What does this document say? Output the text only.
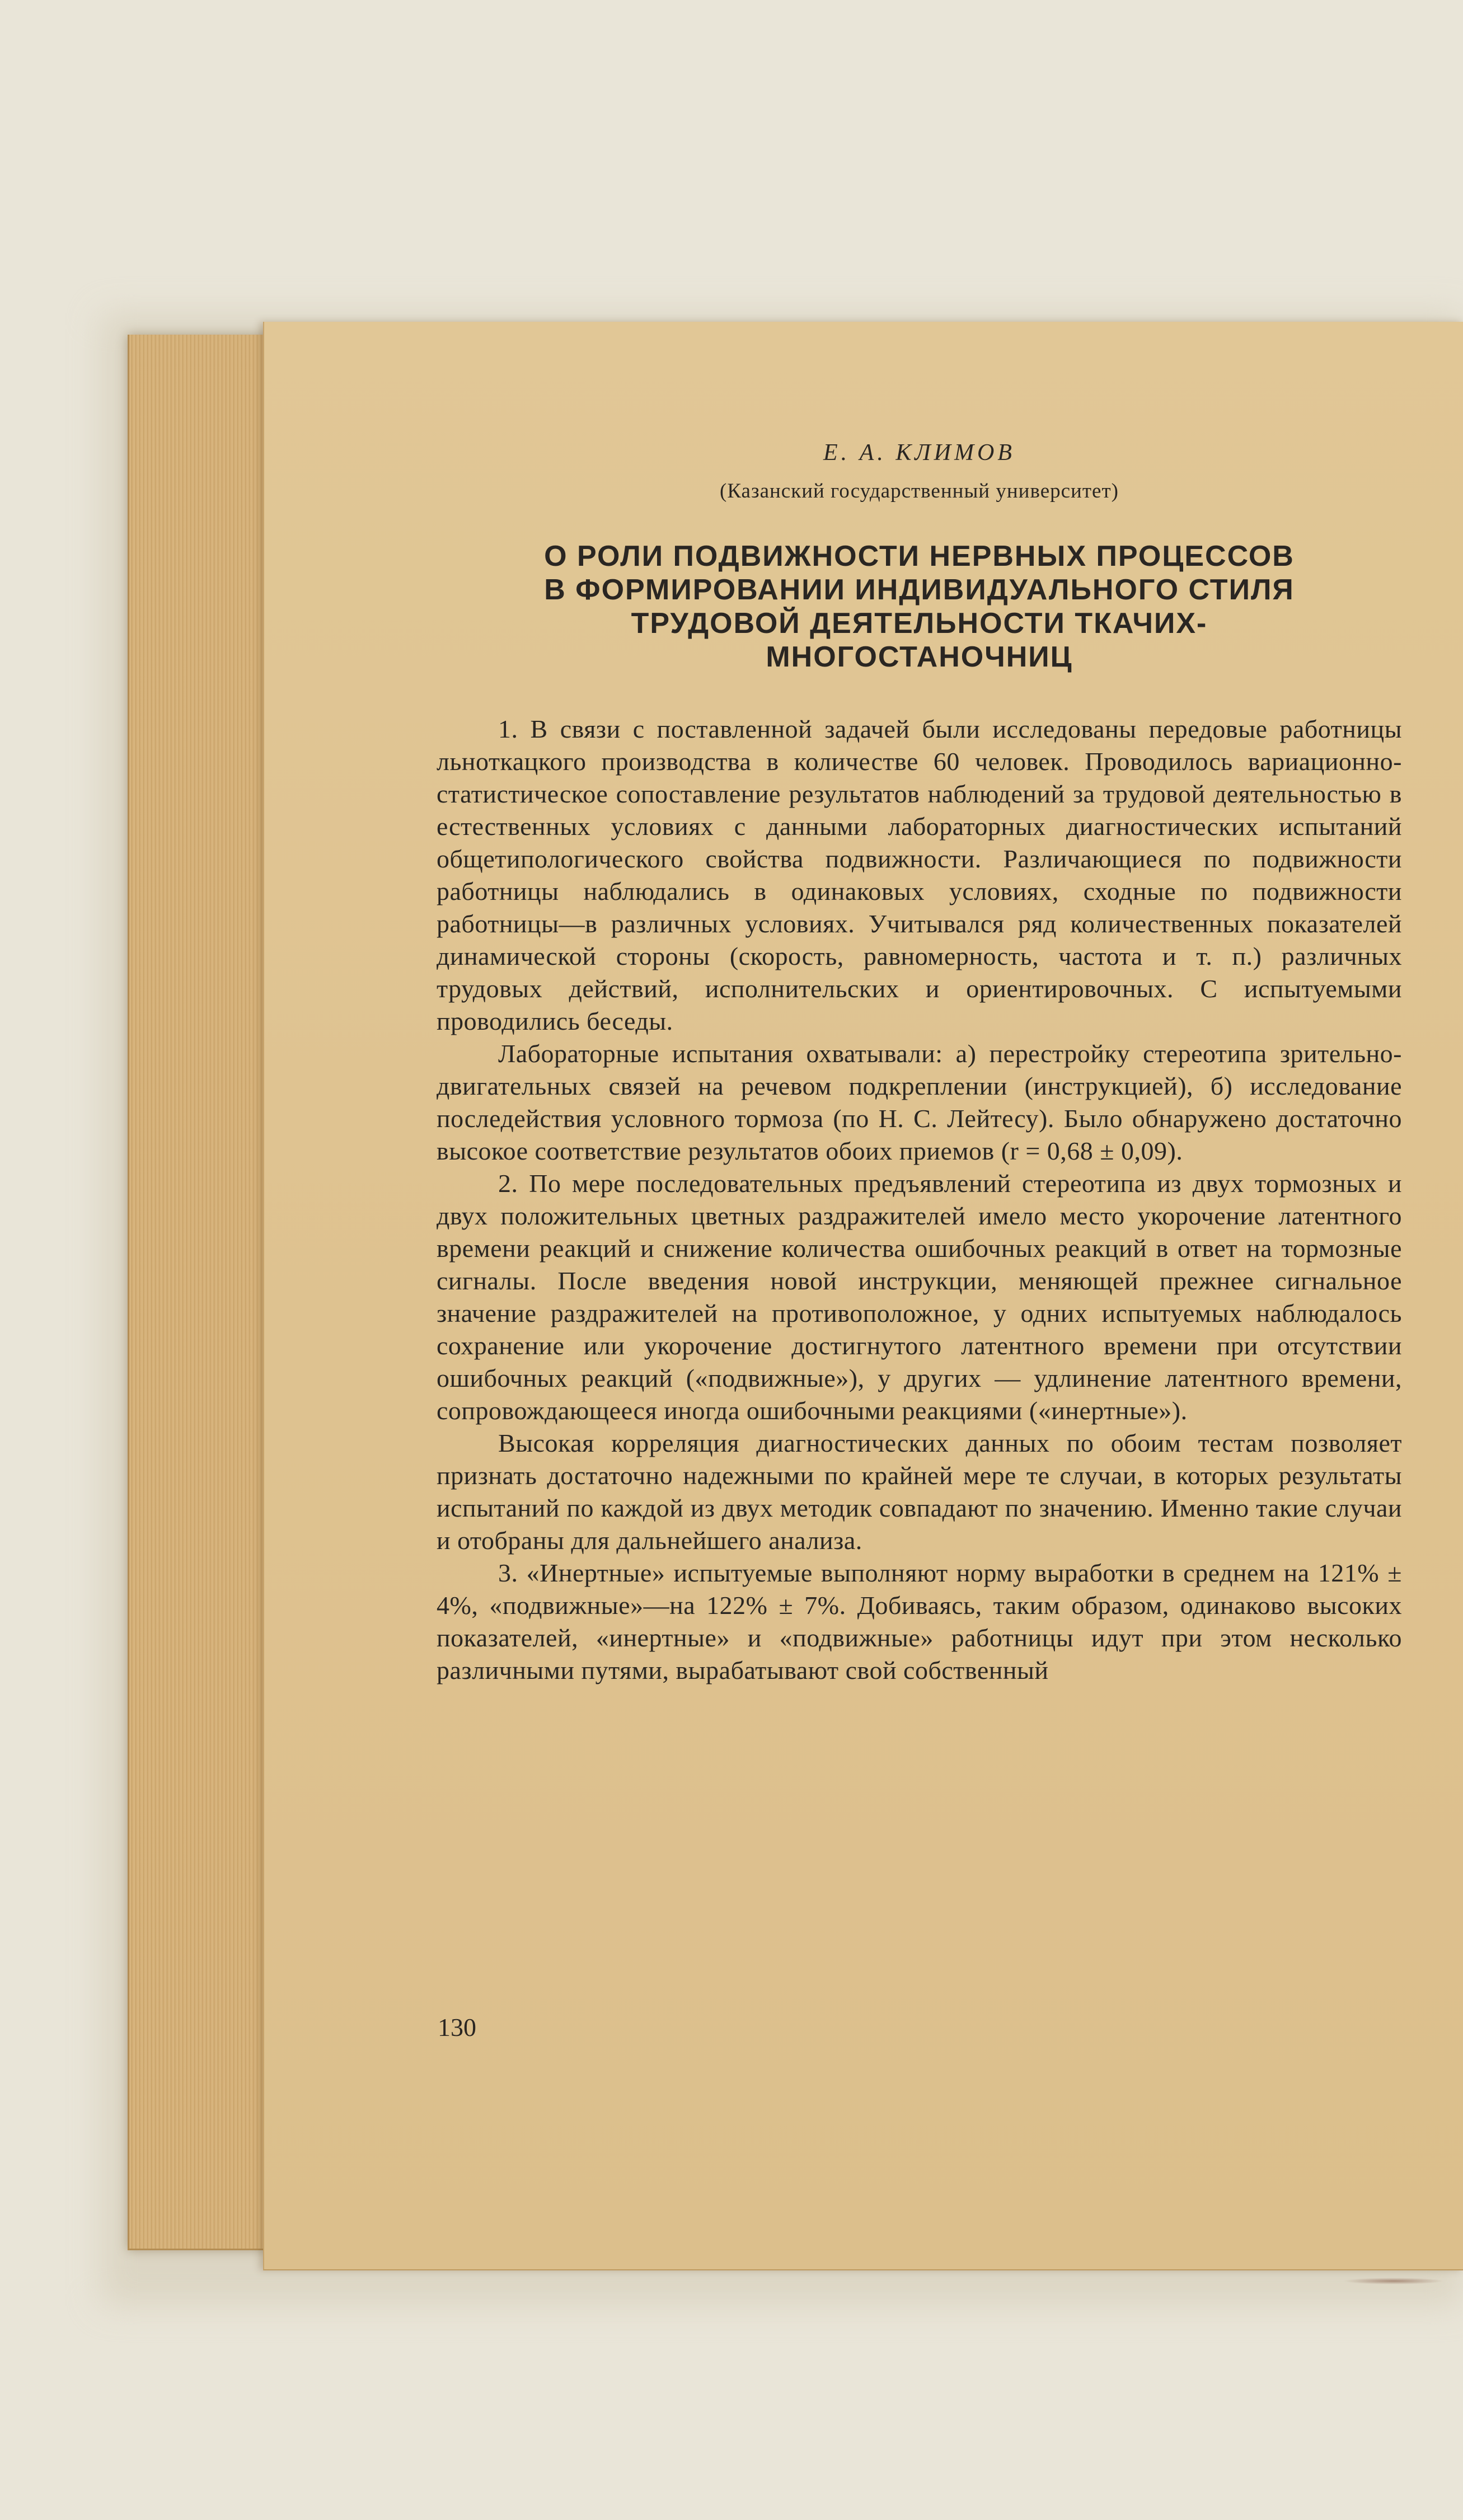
Е. А. КЛИМОВ

(Казанский государственный университет)

О РОЛИ ПОДВИЖНОСТИ НЕРВНЫХ ПРОЦЕССОВ
В ФОРМИРОВАНИИ ИНДИВИДУАЛЬНОГО СТИЛЯ
ТРУДОВОЙ ДЕЯТЕЛЬНОСТИ ТКАЧИХ-
МНОГОСТАНОЧНИЦ

1. В связи с поставленной задачей были исследованы передовые работницы льноткацкого производства в количестве 60 человек. Проводилось вариационно-статистическое сопоставление результатов наблюдений за трудовой деятельностью в естественных условиях с данными лабораторных диагностических испытаний общетипологического свойства подвижности. Различающиеся по подвижности работницы наблюдались в одинаковых условиях, сходные по подвижности работницы—в различных условиях. Учитывался ряд количественных показателей динамической стороны (скорость, равномерность, частота и т. п.) различных трудовых действий, исполнительских и ориентировочных. С испытуемыми проводились беседы.

Лабораторные испытания охватывали: а) перестройку стереотипа зрительно-двигательных связей на речевом подкреплении (инструкцией), б) исследование последействия условного тормоза (по Н. С. Лейтесу). Было обнаружено достаточно высокое соответствие результатов обоих приемов (r = 0,68 ± 0,09).

2. По мере последовательных предъявлений стереотипа из двух тормозных и двух положительных цветных раздражителей имело место укорочение латентного времени реакций и снижение количества ошибочных реакций в ответ на тормозные сигналы. После введения новой инструкции, меняющей прежнее сигнальное значение раздражителей на противоположное, у одних испытуемых наблюдалось сохранение или укорочение достигнутого латентного времени при отсутствии ошибочных реакций («подвижные»), у других — удлинение латентного времени, сопровождающееся иногда ошибочными реакциями («инертные»).

Высокая корреляция диагностических данных по обоим тестам позволяет признать достаточно надежными по крайней мере те случаи, в которых результаты испытаний по каждой из двух методик совпадают по значению. Именно такие случаи и отобраны для дальнейшего анализа.

3. «Инертные» испытуемые выполняют норму выработки в среднем на 121% ± 4%, «подвижные»—на 122% ± 7%. Добиваясь, таким образом, одинаково высоких показателей, «инертные» и «подвижные» работницы идут при этом несколько различными путями, вырабатывают свой собственный

130
